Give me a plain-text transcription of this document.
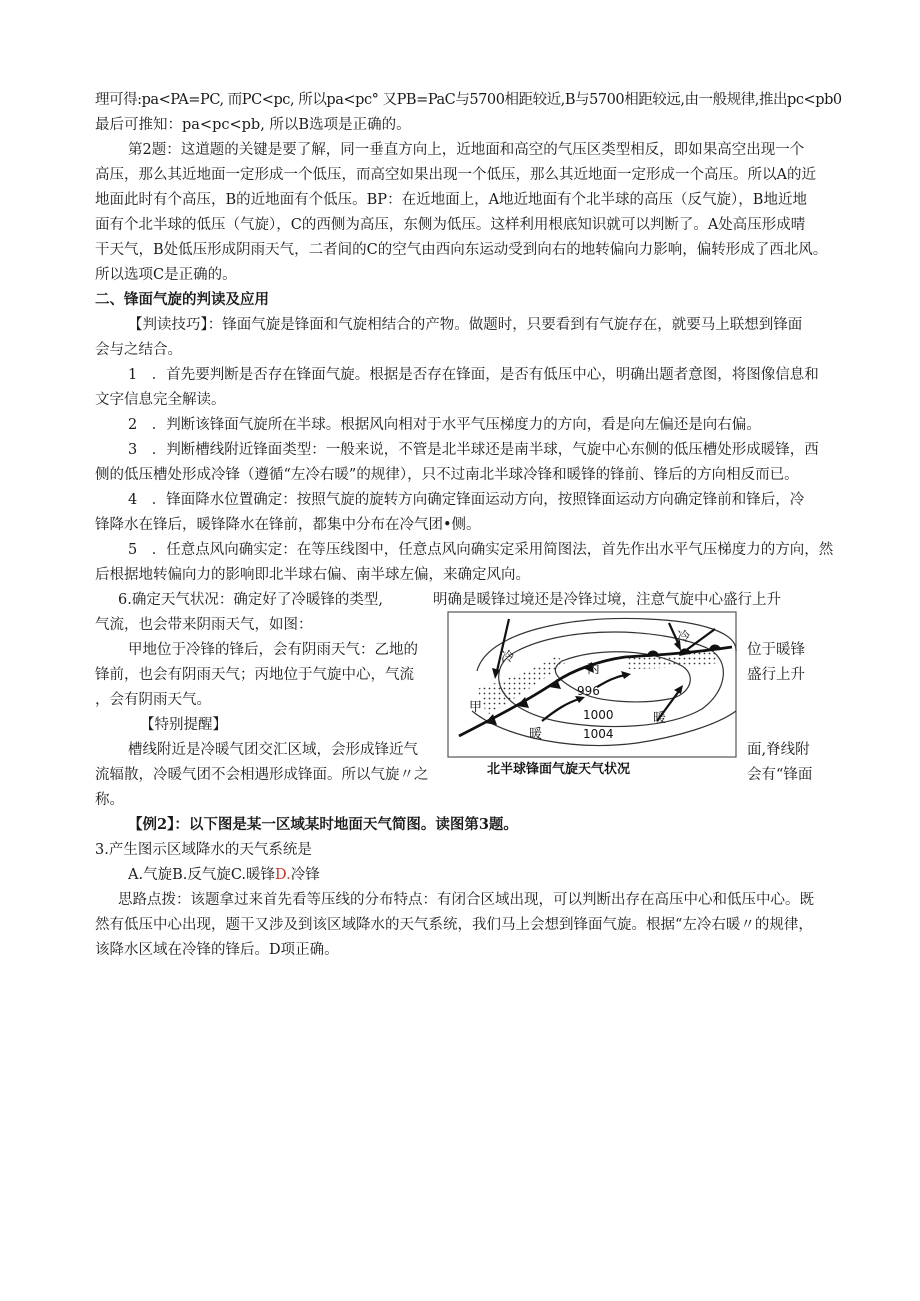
理可得:pa<PA=PC, 而PC<pc, 所以pa<pc° 又PB=PaC与5700相距较近,B与5700相距较远,由一般规律,推出pc<pb0
最后可推知：pa<pc<pb, 所以B选项是正确的。
第2题：这道题的关键是要了解，同一垂直方向上，近地面和高空的气压区类型相反，即如果高空出现一个
高压，那么其近地面一定形成一个低压，而高空如果出现一个低压，那么其近地面一定形成一个高压。所以A的近
地面此时有个高压，B的近地面有个低压。BP：在近地面上，A地近地面有个北半球的高压（反气旋），B地近地
面有个北半球的低压（气旋），C的西侧为高压，东侧为低压。这样利用根底知识就可以判断了。A处高压形成晴
干天气，B处低压形成阴雨天气，二者间的C的空气由西向东运动受到向右的地转偏向力影响，偏转形成了西北风。
所以选项C是正确的。
二、锋面气旋的判读及应用
【判读技巧】：锋面气旋是锋面和气旋相结合的产物。做题时，只要看到有气旋存在，就要马上联想到锋面
会与之结合。
1　．首先要判断是否存在锋面气旋。根据是否存在锋面，是否有低压中心，明确出题者意图，将图像信息和
文字信息完全解读。
2　．判断该锋面气旋所在半球。根据风向相对于水平气压梯度力的方向，看是向左偏还是向右偏。
3　．判断槽线附近锋面类型：一般来说，不管是北半球还是南半球，气旋中心东侧的低压槽处形成暖锋，西
侧的低压槽处形成冷锋（遵循“左冷右暖”的规律），只不过南北半球冷锋和暖锋的锋前、锋后的方向相反而已。
4　．锋面降水位置确定：按照气旋的旋转方向确定锋面运动方向，按照锋面运动方向确定锋前和锋后，冷
锋降水在锋后，暖锋降水在锋前，都集中分布在冷气团•侧。
5　．任意点风向确实定：在等压线图中，任意点风向确实定采用简图法，首先作出水平气压梯度力的方向，然
后根据地转偏向力的影响即北半球右偏、南半球左偏，来确定风向。
6.确定天气状况：确定好了冷暖锋的类型,	明确是暖锋过境还是冷锋过境，注意气旋中心盛行上升
气流，也会带来阴雨天气，如图：
甲地位于冷锋的锋后，会有阴雨天气：乙地的	位于暖锋
锋前，也会有阴雨天气；丙地位于气旋中心，气流	盛行上升
，会有阴雨天气。
【特别提醒】
槽线附近是冷暖气团交汇区域，会形成锋近气	面,脊线附
流辐散，冷暖气团不会相遇形成锋面。所以气旋〃之	会有“锋面
称。
【例2】：以下图是某一区域某时地面天气简图。读图第3题。
3.产生图示区域降水的天气系统是
A.气旋B.反气旋C.暖锋D.冷锋
思路点拨：该题拿过来首先看等压线的分布特点：有闭合区域出现，可以判断出存在高压中心和低压中心。既
然有低压中心出现，题干又涉及到该区域降水的天气系统，我们马上会想到锋面气旋。根据“左冷右暖〃的规律，
该降水区域在冷锋的锋后。D项正确。
冷
冷
甲
丙
996
1000
1004
暖
暖
北半球锋面气旋天气状况
